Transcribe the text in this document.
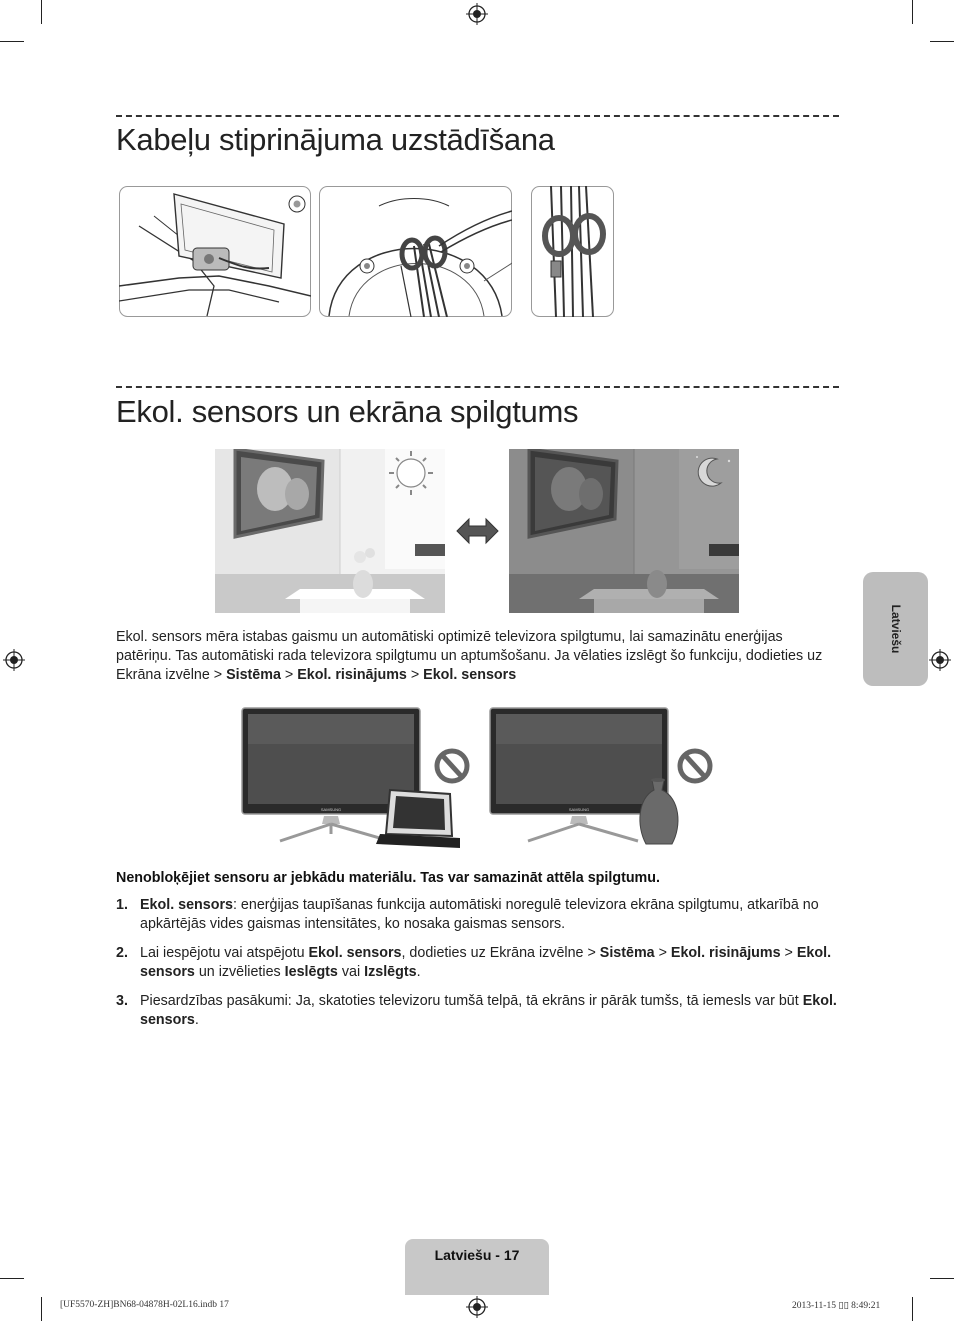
Kabeļu stiprinājuma uzstādīšana
Ekol. sensors un ekrāna spilgtums
Ekol. sensors mēra istabas gaismu un automātiski optimizē televizora spilgtumu, lai samazinātu enerģijas patēriņu. Tas automātiski rada televizora spilgtumu un aptumšošanu. Ja vēlaties izslēgt šo funkciju, dodieties uz Ekrāna izvēlne > Sistēma > Ekol. risinājums > Ekol. sensors
SAMSUNG	SAMSUNG
Nenobloķējiet sensoru ar jebkādu materiālu. Tas var samazināt attēla spilgtumu.
1. Ekol. sensors: enerģijas taupīšanas funkcija automātiski noregulē televizora ekrāna spilgtumu, atkarībā no apkārtējās vides gaismas intensitātes, ko nosaka gaismas sensors.
2. Lai iespējotu vai atspējotu Ekol. sensors, dodieties uz Ekrāna izvēlne > Sistēma > Ekol. risinājums > Ekol. sensors un izvēlieties Ieslēgts vai Izslēgts.
3. Piesardzības pasākumi: Ja, skatoties televizoru tumšā telpā, tā ekrāns ir pārāk tumšs, tā iemesls var būt Ekol. sensors.
Latviešu
Latviešu - 17
[UF5570-ZH]BN68-04878H-02L16.indb 17	2013-11-15 ▯▯ 8:49:21
